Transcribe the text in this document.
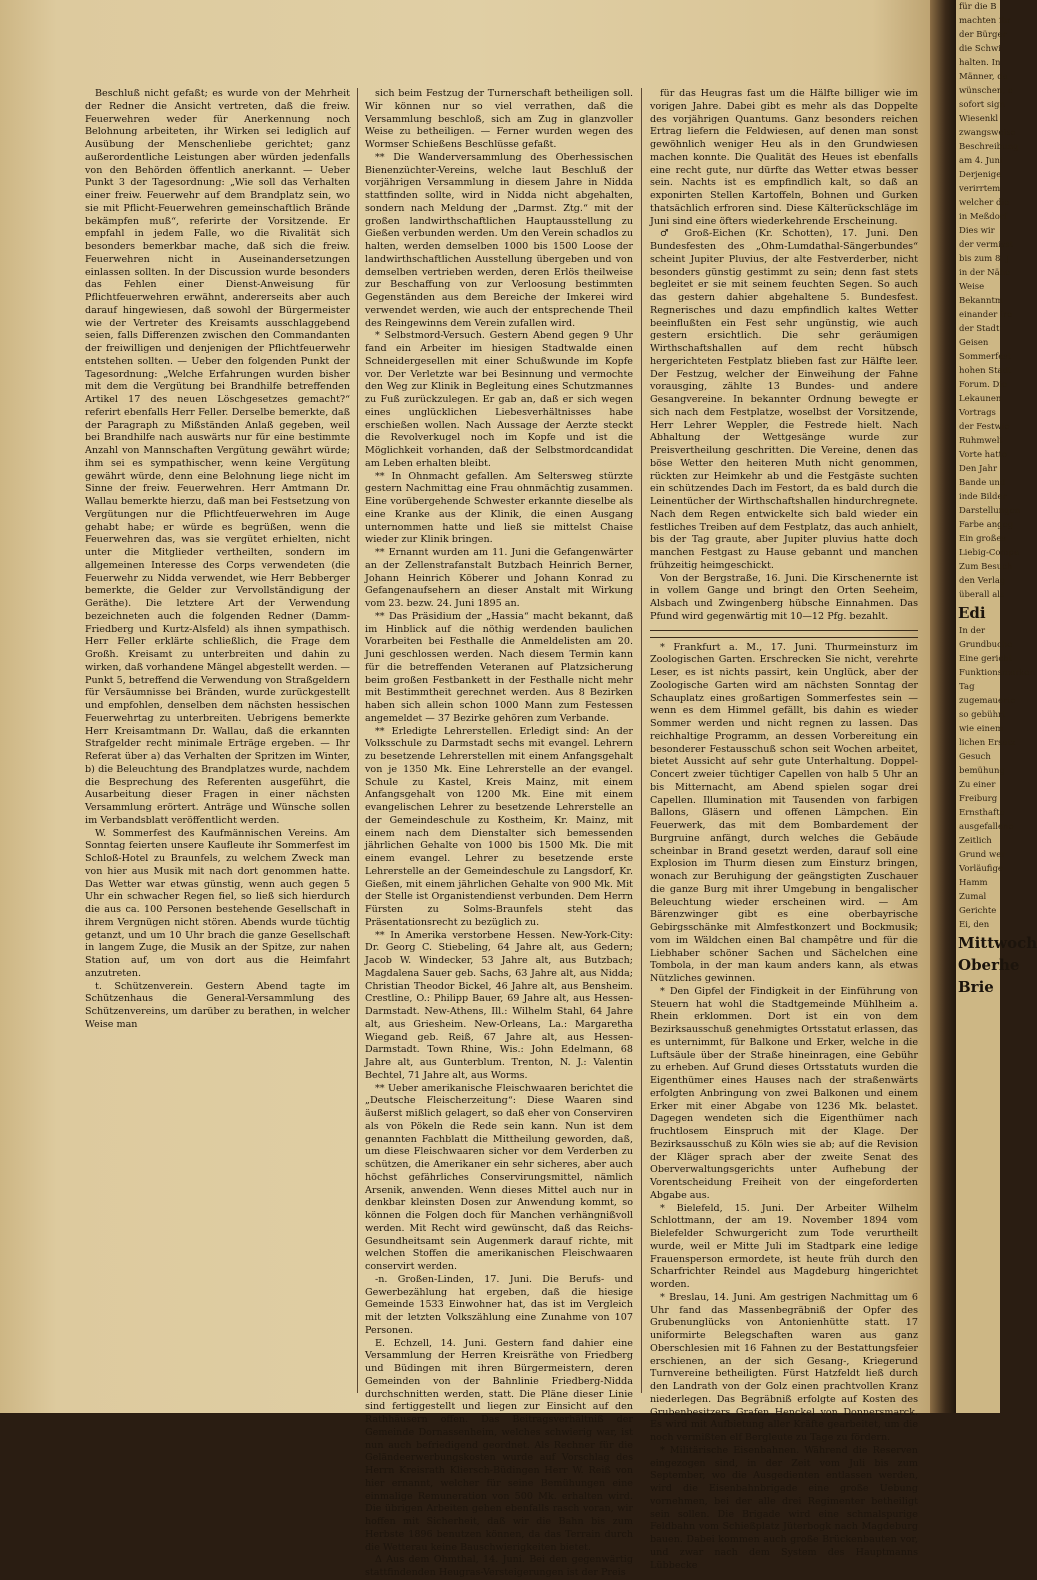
Beschluß nicht gefaßt; es wurde von der Mehrheit der Redner die Ansicht vertreten, daß die freiw. Feuerwehren weder für Anerkennung noch Belohnung arbeiteten, ihr Wirken sei lediglich auf Ausübung der Menschenliebe gerichtet; ganz außerordentliche Leistungen aber würden jedenfalls von den Behörden öffentlich anerkannt. — Ueber Punkt 3 der Tagesordnung: „Wie soll das Verhalten einer freiw. Feuerwehr auf dem Brandplatz sein, wo sie mit Pflicht-Feuerwehren gemeinschaftlich Brände bekämpfen muß“, referirte der Vorsitzende. Er empfahl in jedem Falle, wo die Rivalität sich besonders bemerkbar mache, daß sich die freiw. Feuerwehren nicht in Auseinandersetzungen einlassen sollten. In der Discussion wurde besonders das Fehlen einer Dienst-Anweisung für Pflichtfeuerwehren erwähnt, andererseits aber auch darauf hingewiesen, daß sowohl der Bürgermeister wie der Vertreter des Kreisamts ausschlaggebend seien, falls Differenzen zwischen den Commandanten der freiwilligen und denjenigen der Pflichtfeuerwehr entstehen sollten. — Ueber den folgenden Punkt der Tagesordnung: „Welche Erfahrungen wurden bisher mit dem die Vergütung bei Brandhilfe betreffenden Artikel 17 des neuen Löschgesetzes gemacht?“ referirt ebenfalls Herr Feller. Derselbe bemerkte, daß der Paragraph zu Mißständen Anlaß gegeben, weil bei Brandhilfe nach auswärts nur für eine bestimmte Anzahl von Mannschaften Vergütung gewährt würde; ihm sei es sympathischer, wenn keine Vergütung gewährt würde, denn eine Belohnung liege nicht im Sinne der freiw. Feuerwehren. Herr Amtmann Dr. Wallau bemerkte hierzu, daß man bei Festsetzung von Vergütungen nur die Pflichtfeuerwehren im Auge gehabt habe; er würde es begrüßen, wenn die Feuerwehren das, was sie vergütet erhielten, nicht unter die Mitglieder vertheilten, sondern im allgemeinen Interesse des Corps verwendeten (die Feuerwehr zu Nidda verwendet, wie Herr Bebberger bemerkte, die Gelder zur Vervollständigung der Geräthe). Die letztere Art der Verwendung bezeichneten auch die folgenden Redner (Damm-Friedberg und Kurtz-Alsfeld) als ihnen sympathisch. Herr Feller erklärte schließlich, die Frage dem Großh. Kreisamt zu unterbreiten und dahin zu wirken, daß vorhandene Mängel abgestellt werden. — Punkt 5, betreffend die Verwendung von Straßgeldern für Versäumnisse bei Bränden, wurde zurückgestellt und empfohlen, denselben dem nächsten hessischen Feuerwehrtag zu unterbreiten. Uebrigens bemerkte Herr Kreisamtmann Dr. Wallau, daß die erkannten Strafgelder recht minimale Erträge ergeben. — Ihr Referat über a) das Verhalten der Spritzen im Winter, b) die Beleuchtung des Brandplatzes wurde, nachdem die Besprechung des Referenten ausgeführt, die Ausarbeitung dieser Fragen in einer nächsten Versammlung erörtert. Anträge und Wünsche sollen im Verbandsblatt veröffentlicht werden.

W. Sommerfest des Kaufmännischen Vereins. Am Sonntag feierten unsere Kaufleute ihr Sommerfest im Schloß-Hotel zu Braunfels, zu welchem Zweck man von hier aus Musik mit nach dort genommen hatte. Das Wetter war etwas günstig, wenn auch gegen 5 Uhr ein schwacher Regen fiel, so ließ sich hierdurch die aus ca. 100 Personen bestehende Gesellschaft in ihrem Vergnügen nicht stören. Abends wurde tüchtig getanzt, und um 10 Uhr brach die ganze Gesellschaft in langem Zuge, die Musik an der Spitze, zur nahen Station auf, um von dort aus die Heimfahrt anzutreten.

t. Schützenverein. Gestern Abend tagte im Schützenhaus die General-Versammlung des Schützenvereins, um darüber zu berathen, in welcher Weise man

sich beim Festzug der Turnerschaft betheiligen soll. Wir können nur so viel verrathen, daß die Versammlung beschloß, sich am Zug in glanzvoller Weise zu betheiligen. — Ferner wurden wegen des Wormser Schießens Beschlüsse gefaßt.

** Die Wanderversammlung des Oberhessischen Bienenzüchter-Vereins, welche laut Beschluß der vorjährigen Versammlung in diesem Jahre in Nidda stattfinden sollte, wird in Nidda nicht abgehalten, sondern nach Meldung der „Darmst. Ztg.“ mit der großen landwirthschaftlichen Hauptausstellung zu Gießen verbunden werden. Um den Verein schadlos zu halten, werden demselben 1000 bis 1500 Loose der landwirthschaftlichen Ausstellung übergeben und von demselben vertrieben werden, deren Erlös theilweise zur Beschaffung von zur Verloosung bestimmten Gegenständen aus dem Bereiche der Imkerei wird verwendet werden, wie auch der entsprechende Theil des Reingewinns dem Verein zufallen wird.

* Selbstmord-Versuch. Gestern Abend gegen 9 Uhr fand ein Arbeiter im hiesigen Stadtwalde einen Schneidergesellen mit einer Schußwunde im Kopfe vor. Der Verletzte war bei Besinnung und vermochte den Weg zur Klinik in Begleitung eines Schutzmannes zu Fuß zurückzulegen. Er gab an, daß er sich wegen eines unglücklichen Liebesverhältnisses habe erschießen wollen. Nach Aussage der Aerzte steckt die Revolverkugel noch im Kopfe und ist die Möglichkeit vorhanden, daß der Selbstmordcandidat am Leben erhalten bleibt.

** In Ohnmacht gefallen. Am Seltersweg stürzte gestern Nachmittag eine Frau ohnmächtig zusammen. Eine vorübergehende Schwester erkannte dieselbe als eine Kranke aus der Klinik, die einen Ausgang unternommen hatte und ließ sie mittelst Chaise wieder zur Klinik bringen.

** Ernannt wurden am 11. Juni die Gefangenwärter an der Zellenstrafanstalt Butzbach Heinrich Berner, Johann Heinrich Köberer und Johann Konrad zu Gefangenaufsehern an dieser Anstalt mit Wirkung vom 23. bezw. 24. Juni 1895 an.

** Das Präsidium der „Hassia“ macht bekannt, daß im Hinblick auf die nöthig werdenden baulichen Vorarbeiten bei Festhalle die Anmeldelisten am 20. Juni geschlossen werden. Nach diesem Termin kann für die betreffenden Veteranen auf Platzsicherung beim großen Festbankett in der Festhalle nicht mehr mit Bestimmtheit gerechnet werden. Aus 8 Bezirken haben sich allein schon 1000 Mann zum Festessen angemeldet — 37 Bezirke gehören zum Verbande.

** Erledigte Lehrerstellen. Erledigt sind: An der Volksschule zu Darmstadt sechs mit evangel. Lehrern zu besetzende Lehrerstellen mit einem Anfangsgehalt von je 1350 Mk. Eine Lehrerstelle an der evangel. Schule zu Kastel, Kreis Mainz, mit einem Anfangsgehalt von 1200 Mk. Eine mit einem evangelischen Lehrer zu besetzende Lehrerstelle an der Gemeindeschule zu Kostheim, Kr. Mainz, mit einem nach dem Dienstalter sich bemessenden jährlichen Gehalte von 1000 bis 1500 Mk. Die mit einem evangel. Lehrer zu besetzende erste Lehrerstelle an der Gemeindeschule zu Langsdorf, Kr. Gießen, mit einem jährlichen Gehalte von 900 Mk. Mit der Stelle ist Organistendienst verbunden. Dem Herrn Fürsten zu Solms-Braunfels steht das Präsentationsrecht zu bezüglich zu.

** In Amerika verstorbene Hessen. New-York-City: Dr. Georg C. Stiebeling, 64 Jahre alt, aus Gedern; Jacob W. Windecker, 53 Jahre alt, aus Butzbach; Magdalena Sauer geb. Sachs, 63 Jahre alt, aus Nidda; Christian Theodor Bickel, 46 Jahre alt, aus Bensheim. Crestline, O.: Philipp Bauer, 69 Jahre alt, aus Hessen-Darmstadt. New-Athens, Ill.: Wilhelm Stahl, 64 Jahre alt, aus Griesheim. New-Orleans, La.: Margaretha Wiegand geb. Reiß, 67 Jahre alt, aus Hessen-Darmstadt. Town Rhine, Wis.: John Edelmann, 68 Jahre alt, aus Gunterblum. Trenton, N. J.: Valentin Bechtel, 71 Jahre alt, aus Worms.

** Ueber amerikanische Fleischwaaren berichtet die „Deutsche Fleischerzeitung“: Diese Waaren sind äußerst mißlich gelagert, so daß eher von Conserviren als von Pökeln die Rede sein kann. Nun ist dem genannten Fachblatt die Mittheilung geworden, daß, um diese Fleischwaaren sicher vor dem Verderben zu schützen, die Amerikaner ein sehr sicheres, aber auch höchst gefährliches Conservirungsmittel, nämlich Arsenik, anwenden. Wenn dieses Mittel auch nur in denkbar kleinsten Dosen zur Anwendung kommt, so können die Folgen doch für Manchen verhängnißvoll werden. Mit Recht wird gewünscht, daß das Reichs-Gesundheitsamt sein Augenmerk darauf richte, mit welchen Stoffen die amerikanischen Fleischwaaren conservirt werden.

-n. Großen-Linden, 17. Juni. Die Berufs- und Gewerbezählung hat ergeben, daß die hiesige Gemeinde 1533 Einwohner hat, das ist im Vergleich mit der letzten Volkszählung eine Zunahme von 107 Personen.

E. Echzell, 14. Juni. Gestern fand dahier eine Versammlung der Herren Kreisräthe von Friedberg und Büdingen mit ihren Bürgermeistern, deren Gemeinden von der Bahnlinie Friedberg-Nidda durchschnitten werden, statt. Die Pläne dieser Linie sind fertiggestellt und liegen zur Einsicht auf den Rathhäusern offen. Das Beitragsverhältniß der Gemeinde Dornassenheim, welches schwierig war, ist nun auch befriedigend geordnet. Als Rechner für die Geländeerwerbungskosten wurde auf Vorschlag des Herrn Kreisrath Kliersch-Büdingen Herr W. Reiß von hier ernannt, welcher für seine Bemühungen eine einmalige Remuneration von 500 Mk. erhalten wird. Die übrigen Arbeiten gehen ebenfalls rasch voran, wir hoffen mit Sicherheit, daß wir die Bahn bis zum Herbste 1896 benutzen können, da das Terrain durch die Wetterau keine Bauschwierigkeiten bietet.

Δ Aus dem Ohmthal, 14. Juni. Bei den gegenwärtig stattfindenden Heugras-Versteigerungen ist der Preis

für das Heugras fast um die Hälfte billiger wie im vorigen Jahre. Dabei gibt es mehr als das Doppelte des vorjährigen Quantums. Ganz besonders reichen Ertrag liefern die Feldwiesen, auf denen man sonst gewöhnlich weniger Heu als in den Grundwiesen machen konnte. Die Qualität des Heues ist ebenfalls eine recht gute, nur dürfte das Wetter etwas besser sein. Nachts ist es empfindlich kalt, so daß an exponirten Stellen Kartoffeln, Bohnen und Gurken thatsächlich erfroren sind. Diese Kälterückschläge im Juni sind eine öfters wiederkehrende Erscheinung.

♂ Groß-Eichen (Kr. Schotten), 17. Juni. Den Bundesfesten des „Ohm-Lumdathal-Sängerbundes“ scheint Jupiter Pluvius, der alte Festverderber, nicht besonders günstig gestimmt zu sein; denn fast stets begleitet er sie mit seinem feuchten Segen. So auch das gestern dahier abgehaltene 5. Bundesfest. Regnerisches und dazu empfindlich kaltes Wetter beeinflußten ein Fest sehr ungünstig, wie auch gestern ersichtlich. Die sehr geräumigen Wirthschaftshallen auf dem recht hübsch hergerichteten Festplatz blieben fast zur Hälfte leer. Der Festzug, welcher der Einweihung der Fahne vorausging, zählte 13 Bundes- und andere Gesangvereine. In bekannter Ordnung bewegte er sich nach dem Festplatze, woselbst der Vorsitzende, Herr Lehrer Weppler, die Festrede hielt. Nach Abhaltung der Wettgesänge wurde zur Preisvertheilung geschritten. Die Vereine, denen das böse Wetter den heiteren Muth nicht genommen, rückten zur Heimkehr ab und die Festgäste suchten ein schützendes Dach im Festort, da es bald durch die Leinentücher der Wirthschaftshallen hindurchregnete. Nach dem Regen entwickelte sich bald wieder ein festliches Treiben auf dem Festplatz, das auch anhielt, bis der Tag graute, aber Jupiter pluvius hatte doch manchen Festgast zu Hause gebannt und manchen frühzeitig heimgeschickt.

Von der Bergstraße, 16. Juni. Die Kirschenernte ist in vollem Gange und bringt den Orten Seeheim, Alsbach und Zwingenberg hübsche Einnahmen. Das Pfund wird gegenwärtig mit 10—12 Pfg. bezahlt.

* Frankfurt a. M., 17. Juni. Thurmeinsturz im Zoologischen Garten. Erschrecken Sie nicht, verehrte Leser, es ist nichts passirt, kein Unglück, aber der Zoologische Garten wird am nächsten Sonntag der Schauplatz eines großartigen Sommerfestes sein — wenn es dem Himmel gefällt, bis dahin es wieder Sommer werden und nicht regnen zu lassen. Das reichhaltige Programm, an dessen Vorbereitung ein besonderer Festausschuß schon seit Wochen arbeitet, bietet Aussicht auf sehr gute Unterhaltung. Doppel-Concert zweier tüchtiger Capellen von halb 5 Uhr an bis Mitternacht, am Abend spielen sogar drei Capellen. Illumination mit Tausenden von farbigen Ballons, Gläsern und offenen Lämpchen. Ein Feuerwerk, das mit dem Bombardement der Burgruine anfängt, durch welches die Gebäude scheinbar in Brand gesetzt werden, darauf soll eine Explosion im Thurm diesen zum Einsturz bringen, wonach zur Beruhigung der geängstigten Zuschauer die ganze Burg mit ihrer Umgebung in bengalischer Beleuchtung wieder erscheinen wird. — Am Bärenzwinger gibt es eine oberbayrische Gebirgsschänke mit Almfestkonzert und Bockmusik; vom im Wäldchen einen Bal champêtre und für die Liebhaber schöner Sachen und Sächelchen eine Tombola, in der man kaum anders kann, als etwas Nützliches gewinnen.

* Den Gipfel der Findigkeit in der Einführung von Steuern hat wohl die Stadtgemeinde Mühlheim a. Rhein erklommen. Dort ist ein von dem Bezirksausschuß genehmigtes Ortsstatut erlassen, das es unternimmt, für Balkone und Erker, welche in die Luftsäule über der Straße hineinragen, eine Gebühr zu erheben. Auf Grund dieses Ortsstatuts wurden die Eigenthümer eines Hauses nach der straßenwärts erfolgten Anbringung von zwei Balkonen und einem Erker mit einer Abgabe von 1236 Mk. belastet. Dagegen wendeten sich die Eigenthümer nach fruchtlosem Einspruch mit der Klage. Der Bezirksausschuß zu Köln wies sie ab; auf die Revision der Kläger sprach aber der zweite Senat des Oberverwaltungsgerichts unter Aufhebung der Vorentscheidung Freiheit von der eingeforderten Abgabe aus.

* Bielefeld, 15. Juni. Der Arbeiter Wilhelm Schlottmann, der am 19. November 1894 vom Bielefelder Schwurgericht zum Tode verurtheilt wurde, weil er Mitte Juli im Stadtpark eine ledige Frauensperson ermordete, ist heute früh durch den Scharfrichter Reindel aus Magdeburg hingerichtet worden.

* Breslau, 14. Juni. Am gestrigen Nachmittag um 6 Uhr fand das Massenbegräbniß der Opfer des Grubenunglücks von Antonienhütte statt. 17 uniformirte Belegschaften waren aus ganz Oberschlesien mit 16 Fahnen zu der Bestattungsfeier erschienen, an der sich Gesang-, Kriegerund Turnvereine betheiligten. Fürst Hatzfeldt ließ durch den Landrath von der Golz einen prachtvollen Kranz niederlegen. Das Begräbniß erfolgte auf Kosten des Grubenbesitzers Grafen Henckel von Donnersmarck. Es wird mit Aufbietung aller Kräfte gearbeitet, um die noch vermißten elf Bergleute zu Tage zu fördern.

* Militärische Eisenbahnen. Während die Reserven eingezogen sind, in der Zeit vom Juli bis zum September, wo die Ausgedienten entlassen werden, wird die Eisenbahnbrigade eine große Uebung vornehmen, bei der alle drei Regimenter betheiligt sein sollen. Die Brigade wird eine schmalspurige Feldbahn vom Schießplatz Jüterbogk nach Magdeburg bauen. Dabei kommen auch große Brückenbauten vor, und zwar nach dem System des Hauptmanns Lübbecke

für die B
machten ihr
der Bürger
die Schwi
halten. In
Männer, da
wünschen, e
sofort sign
Wiesenkl
zwangsweise
Beschreibung
am 4. Juni
Derjenige
verirrtem
welcher die
in Meßdorf
Dies wir
der vermisst
bis zum 8. J
in der Nähe
Weise
Bekanntm
einander fre
der Stadt
Geisen
Sommerfest
hohen Stadt
Forum. Die
Lekaunen
Vortrags
der Festwie
Ruhmwelt
Vorte hatte
Den Jahr
Bande und
inde Bilder
Darstellungen
Farbe angeg
Ein großes
Liebig-Compa
Zum Besuch
den Verlag
überall als
Edi
In der
Grundbuche
Eine gericht
Funktionsmarken
Tag
zugemauerte
so gebührt
wie einem
lichen Ersatz
Gesuch
bemühung
Zu einer
Freiburg
Ernsthafte
ausgefallene
Zeitlich
Grund wer
Vorläufige
Hamm
Zumal
Gerichte
Ei, den
Mittwoch
Oberhe
Brie
